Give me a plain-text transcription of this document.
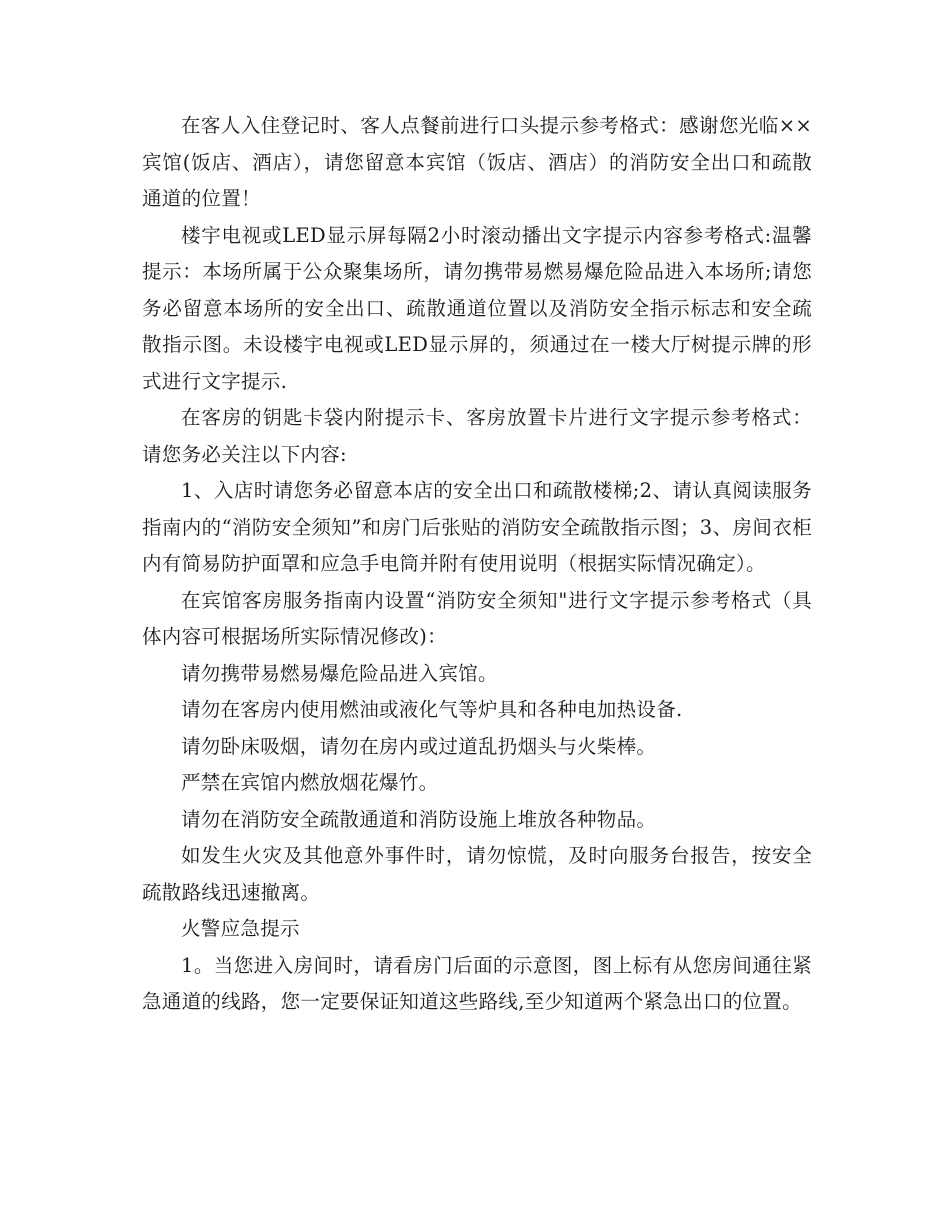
在客人入住登记时、客人点餐前进行口头提示参考格式：感谢您光临××宾馆(饭店、酒店），请您留意本宾馆（饭店、酒店）的消防安全出口和疏散通道的位置！

楼宇电视或LED显示屏每隔2小时滚动播出文字提示内容参考格式:温馨提示：本场所属于公众聚集场所，请勿携带易燃易爆危险品进入本场所;请您务必留意本场所的安全出口、疏散通道位置以及消防安全指示标志和安全疏散指示图。未设楼宇电视或LED显示屏的，须通过在一楼大厅树提示牌的形式进行文字提示.

在客房的钥匙卡袋内附提示卡、客房放置卡片进行文字提示参考格式：请您务必关注以下内容:

1、入店时请您务必留意本店的安全出口和疏散楼梯;2、请认真阅读服务指南内的“消防安全须知”和房门后张贴的消防安全疏散指示图；3、房间衣柜内有简易防护面罩和应急手电筒并附有使用说明（根据实际情况确定）。

在宾馆客房服务指南内设置“消防安全须知"进行文字提示参考格式（具体内容可根据场所实际情况修改)：

请勿携带易燃易爆危险品进入宾馆。

请勿在客房内使用燃油或液化气等炉具和各种电加热设备.

请勿卧床吸烟，请勿在房内或过道乱扔烟头与火柴棒。

严禁在宾馆内燃放烟花爆竹。

请勿在消防安全疏散通道和消防设施上堆放各种物品。

如发生火灾及其他意外事件时，请勿惊慌，及时向服务台报告，按安全疏散路线迅速撤离。

火警应急提示

1。当您进入房间时，请看房门后面的示意图，图上标有从您房间通往紧急通道的线路，您一定要保证知道这些路线,至少知道两个紧急出口的位置。
